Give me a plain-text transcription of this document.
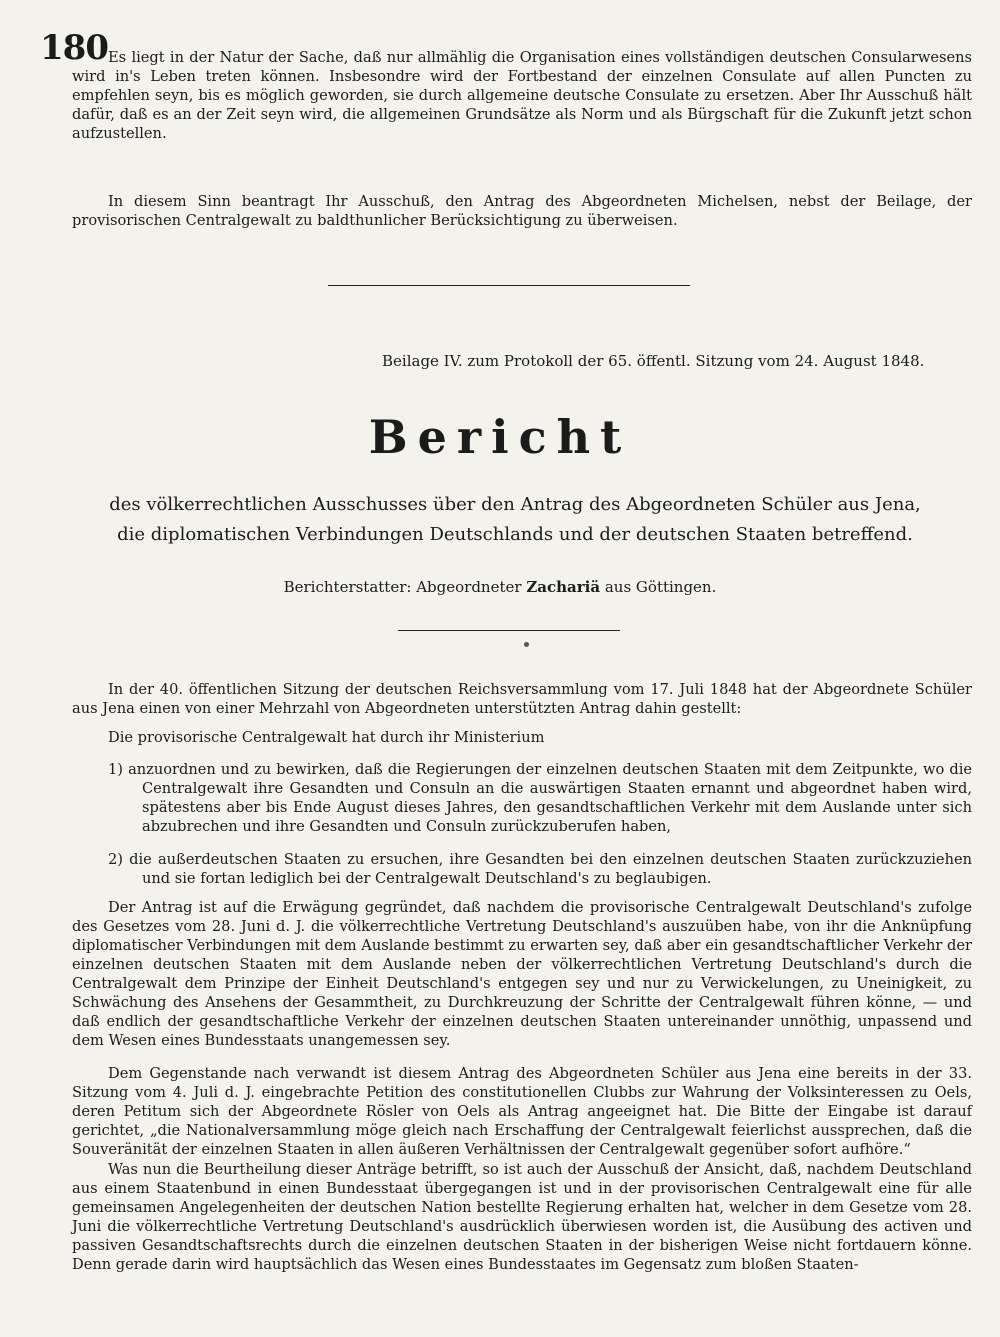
180 Es liegt in der Natur der Sache, daß nur allmählig die Organisation eines vollständigen deutschen Consularwesens wird in's Leben treten können. Insbesondre wird der Fortbestand der einzelnen Consulate auf allen Puncten zu empfehlen seyn, bis es möglich geworden, sie durch allgemeine deutsche Consulate zu ersetzen. Aber Ihr Ausschuß hält dafür, daß es an der Zeit seyn wird, die allgemeinen Grundsätze als Norm und als Bürgschaft für die Zukunft jetzt schon aufzustellen.

In diesem Sinn beantragt Ihr Ausschuß, den Antrag des Abgeordneten Michelsen, nebst der Beilage, der provisorischen Centralgewalt zu baldthunlicher Berücksichtigung zu überweisen.

Beilage IV. zum Protokoll der 65. öffentl. Sitzung vom 24. August 1848.
Bericht
des völkerrechtlichen Ausschusses über den Antrag des Abgeordneten Schüler aus Jena,
die diplomatischen Verbindungen Deutschlands und der deutschen Staaten betreffend.
Berichterstatter: Abgeordneter Zachariä aus Göttingen.

In der 40. öffentlichen Sitzung der deutschen Reichsversammlung vom 17. Juli 1848 hat der Abgeordnete Schüler aus Jena einen von einer Mehrzahl von Abgeordneten unterstützten Antrag dahin gestellt:

Die provisorische Centralgewalt hat durch ihr Ministerium

1) anzuordnen und zu bewirken, daß die Regierungen der einzelnen deutschen Staaten mit dem Zeitpunkte, wo die Centralgewalt ihre Gesandten und Consuln an die auswärtigen Staaten ernannt und abgeordnet haben wird, spätestens aber bis Ende August dieses Jahres, den gesandtschaftlichen Verkehr mit dem Auslande unter sich abzubrechen und ihre Gesandten und Consuln zurückzuberufen haben,

2) die außerdeutschen Staaten zu ersuchen, ihre Gesandten bei den einzelnen deutschen Staaten zurückzuziehen und sie fortan lediglich bei der Centralgewalt Deutschland's zu beglaubigen.

Der Antrag ist auf die Erwägung gegründet, daß nachdem die provisorische Centralgewalt Deutschland's zufolge des Gesetzes vom 28. Juni d. J. die völkerrechtliche Vertretung Deutschland's auszuüben habe, von ihr die Anknüpfung diplomatischer Verbindungen mit dem Auslande bestimmt zu erwarten sey, daß aber ein gesandtschaftlicher Verkehr der einzelnen deutschen Staaten mit dem Auslande neben der völkerrechtlichen Vertretung Deutschland's durch die Centralgewalt dem Prinzipe der Einheit Deutschland's entgegen sey und nur zu Verwickelungen, zu Uneinigkeit, zu Schwächung des Ansehens der Gesammtheit, zu Durchkreuzung der Schritte der Centralgewalt führen könne, — und daß endlich der gesandtschaftliche Verkehr der einzelnen deutschen Staaten untereinander unnöthig, unpassend und dem Wesen eines Bundesstaats unangemessen sey.

Dem Gegenstande nach verwandt ist diesem Antrag des Abgeordneten Schüler aus Jena eine bereits in der 33. Sitzung vom 4. Juli d. J. eingebrachte Petition des constitutionellen Clubbs zur Wahrung der Volksinteressen zu Oels, deren Petitum sich der Abgeordnete Rösler von Oels als Antrag angeeignet hat. Die Bitte der Eingabe ist darauf gerichtet, „die Nationalversammlung möge gleich nach Erschaffung der Centralgewalt feierlichst aussprechen, daß die Souveränität der einzelnen Staaten in allen äußeren Verhältnissen der Centralgewalt gegenüber sofort aufhöre.“

Was nun die Beurtheilung dieser Anträge betrifft, so ist auch der Ausschuß der Ansicht, daß, nachdem Deutschland aus einem Staatenbund in einen Bundesstaat übergegangen ist und in der provisorischen Centralgewalt eine für alle gemeinsamen Angelegenheiten der deutschen Nation bestellte Regierung erhalten hat, welcher in dem Gesetze vom 28. Juni die völkerrechtliche Vertretung Deutschland's ausdrücklich überwiesen worden ist, die Ausübung des activen und passiven Gesandtschaftsrechts durch die einzelnen deutschen Staaten in der bisherigen Weise nicht fortdauern könne. Denn gerade darin wird hauptsächlich das Wesen eines Bundesstaates im Gegensatz zum bloßen Staaten-
